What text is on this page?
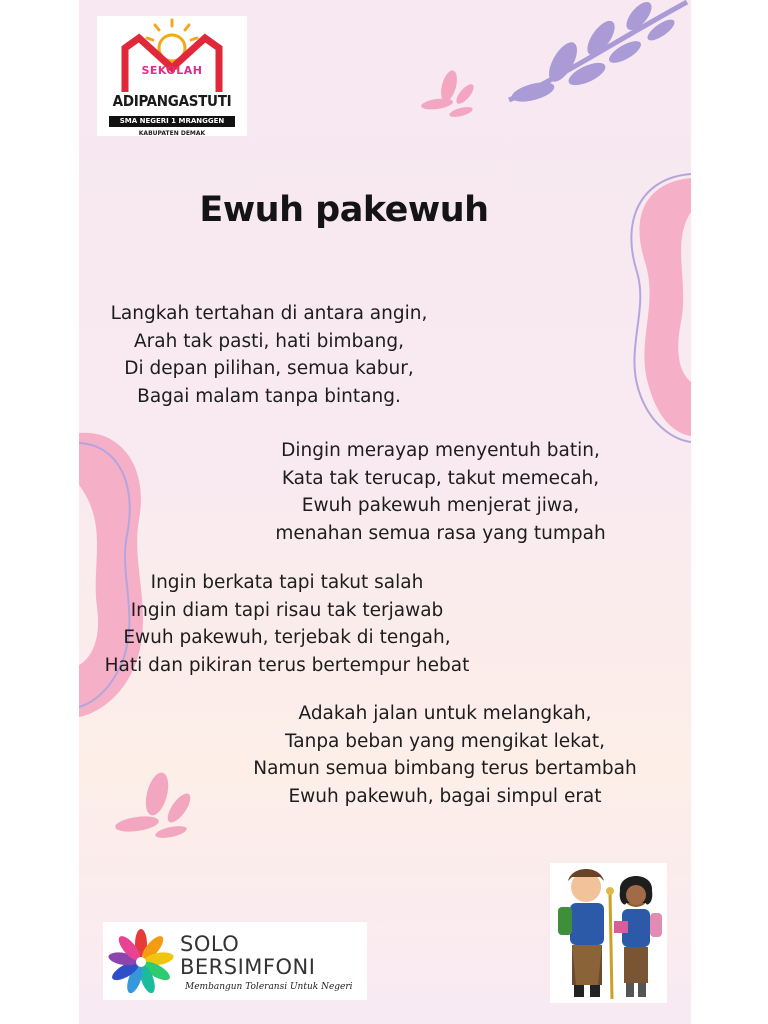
SEKOLAH
ADIPANGASTUTI
SMA NEGERI 1 MRANGGEN
KABUPATEN DEMAK
Ewuh pakewuh
Langkah tertahan di antara angin,
Arah tak pasti, hati bimbang,
Di depan pilihan, semua kabur,
Bagai malam tanpa bintang.
Dingin merayap menyentuh batin,
Kata tak terucap, takut memecah,
Ewuh pakewuh menjerat jiwa,
menahan semua rasa yang tumpah
Ingin berkata tapi takut salah
Ingin diam tapi risau tak terjawab
Ewuh pakewuh, terjebak di tengah,
Hati dan pikiran terus bertempur hebat
Adakah jalan untuk melangkah,
Tanpa beban yang mengikat lekat,
Namun semua bimbang terus bertambah
Ewuh pakewuh, bagai simpul erat
SOLO
BERSIMFONI
Membangun Toleransi Untuk Negeri
